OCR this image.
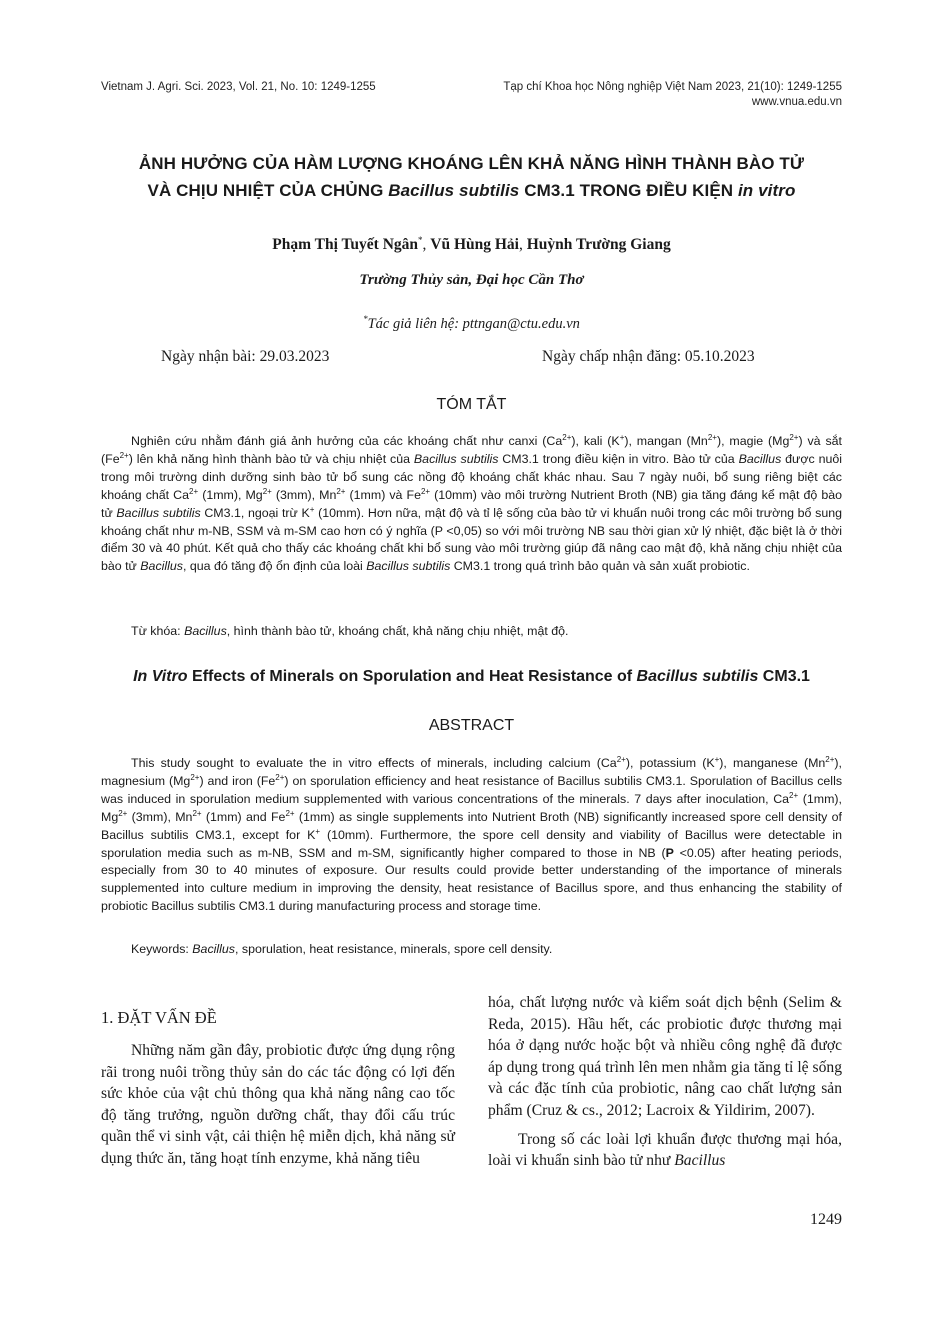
Vietnam J. Agri. Sci. 2023, Vol. 21, No. 10: 1249-1255	Tạp chí Khoa học Nông nghiệp Việt Nam 2023, 21(10): 1249-1255
www.vnua.edu.vn
ẢNH HƯỞNG CỦA HÀM LƯỢNG KHOÁNG LÊN KHẢ NĂNG HÌNH THÀNH BÀO TỬ
VÀ CHỊU NHIỆT CỦA CHỦNG Bacillus subtilis CM3.1 TRONG ĐIỀU KIỆN in vitro
Phạm Thị Tuyết Ngân*, Vũ Hùng Hải, Huỳnh Trường Giang
Trường Thủy sản, Đại học Cần Thơ
*Tác giả liên hệ: pttngan@ctu.edu.vn
Ngày nhận bài: 29.03.2023	Ngày chấp nhận đăng: 05.10.2023
TÓM TẮT
Nghiên cứu nhằm đánh giá ảnh hưởng của các khoáng chất như canxi $(Ca^{2+})$, kali (K+), mangan $(Mn^{2+})$, magie $(Mg^{2+})$ và sắt $(Fe^{2+})$ lên khả năng hình thành bào tử và chịu nhiệt của Bacillus subtilis CM3.1 trong điều kiện in vitro. Bào tử của Bacillus được nuôi trong môi trường dinh dưỡng sinh bào tử bổ sung các nồng độ khoáng chất khác nhau. Sau 7 ngày nuôi, bổ sung riêng biệt các khoáng chất $Ca^{2+}$ (1mm), $Mg^{2+}$ (3mm), $Mn^{2+}$ (1mm) và $Fe^{2+}$ (10mm) vào môi trường Nutrient Broth (NB) gia tăng đáng kể mật độ bào tử Bacillus subtilis CM3.1, ngoại trừ K+ (10mm). Hơn nữa, mật độ và tỉ lệ sống của bào tử vi khuẩn nuôi trong các môi trường bổ sung khoáng chất như m-NB, SSM và m-SM cao hơn có ý nghĩa (P <0,05) so với môi trường NB sau thời gian xử lý nhiệt, đặc biệt là ở thời điểm 30 và 40 phút. Kết quả cho thấy các khoáng chất khi bổ sung vào môi trường giúp đã nâng cao mật độ, khả năng chịu nhiệt của bào tử Bacillus, qua đó tăng độ ổn định của loài Bacillus subtilis CM3.1 trong quá trình bảo quản và sản xuất probiotic.
Từ khóa: Bacillus, hình thành bào tử, khoáng chất, khả năng chịu nhiệt, mật độ.
In Vitro Effects of Minerals on Sporulation and Heat Resistance of Bacillus subtilis CM3.1
ABSTRACT
This study sought to evaluate the in vitro effects of minerals, including calcium $(Ca^{2+})$, potassium (K+), manganese $(Mn^{2+})$, magnesium $(Mg^{2+})$ and iron $(Fe^{2+})$ on sporulation efficiency and heat resistance of Bacillus subtilis CM3.1. Sporulation of Bacillus cells was induced in sporulation medium supplemented with various concentrations of the minerals. 7 days after inoculation, $Ca^{2+}$ (1mm), $Mg^{2+}$ (3mm), $Mn^{2+}$ (1mm) and $Fe^{2+}$ (1mm) as single supplements into Nutrient Broth (NB) significantly increased spore cell density of Bacillus subtilis CM3.1, except for K+ (10mm). Furthermore, the spore cell density and viability of Bacillus were detectable in sporulation media such as m-NB, SSM and m-SM, significantly higher compared to those in NB (P <0.05) after heating periods, especially from 30 to 40 minutes of exposure. Our results could provide better understanding of the importance of minerals supplemented into culture medium in improving the density, heat resistance of Bacillus spore, and thus enhancing the stability of probiotic Bacillus subtilis CM3.1 during manufacturing process and storage time.
Keywords: Bacillus, sporulation, heat resistance, minerals, spore cell density.
1. ĐẶT VẤN ĐỀ

Những năm gần đây, probiotic được ứng dụng rộng rãi trong nuôi trồng thủy sản do các tác động có lợi đến sức khỏe của vật chủ thông qua khả năng nâng cao tốc độ tăng trưởng, nguồn dưỡng chất, thay đổi cấu trúc quần thể vi sinh vật, cải thiện hệ miễn dịch, khả năng sử dụng thức ăn, tăng hoạt tính enzyme, khả năng tiêu

hóa, chất lượng nước và kiểm soát dịch bệnh (Selim & Reda, 2015). Hầu hết, các probiotic được thương mại hóa ở dạng nước hoặc bột và nhiều công nghệ đã được áp dụng trong quá trình lên men nhằm gia tăng tỉ lệ sống và các đặc tính của probiotic, nâng cao chất lượng sản phẩm (Cruz & cs., 2012; Lacroix & Yildirim, 2007).

Trong số các loài lợi khuẩn được thương mại hóa, loài vi khuẩn sinh bào tử như Bacillus

1249
